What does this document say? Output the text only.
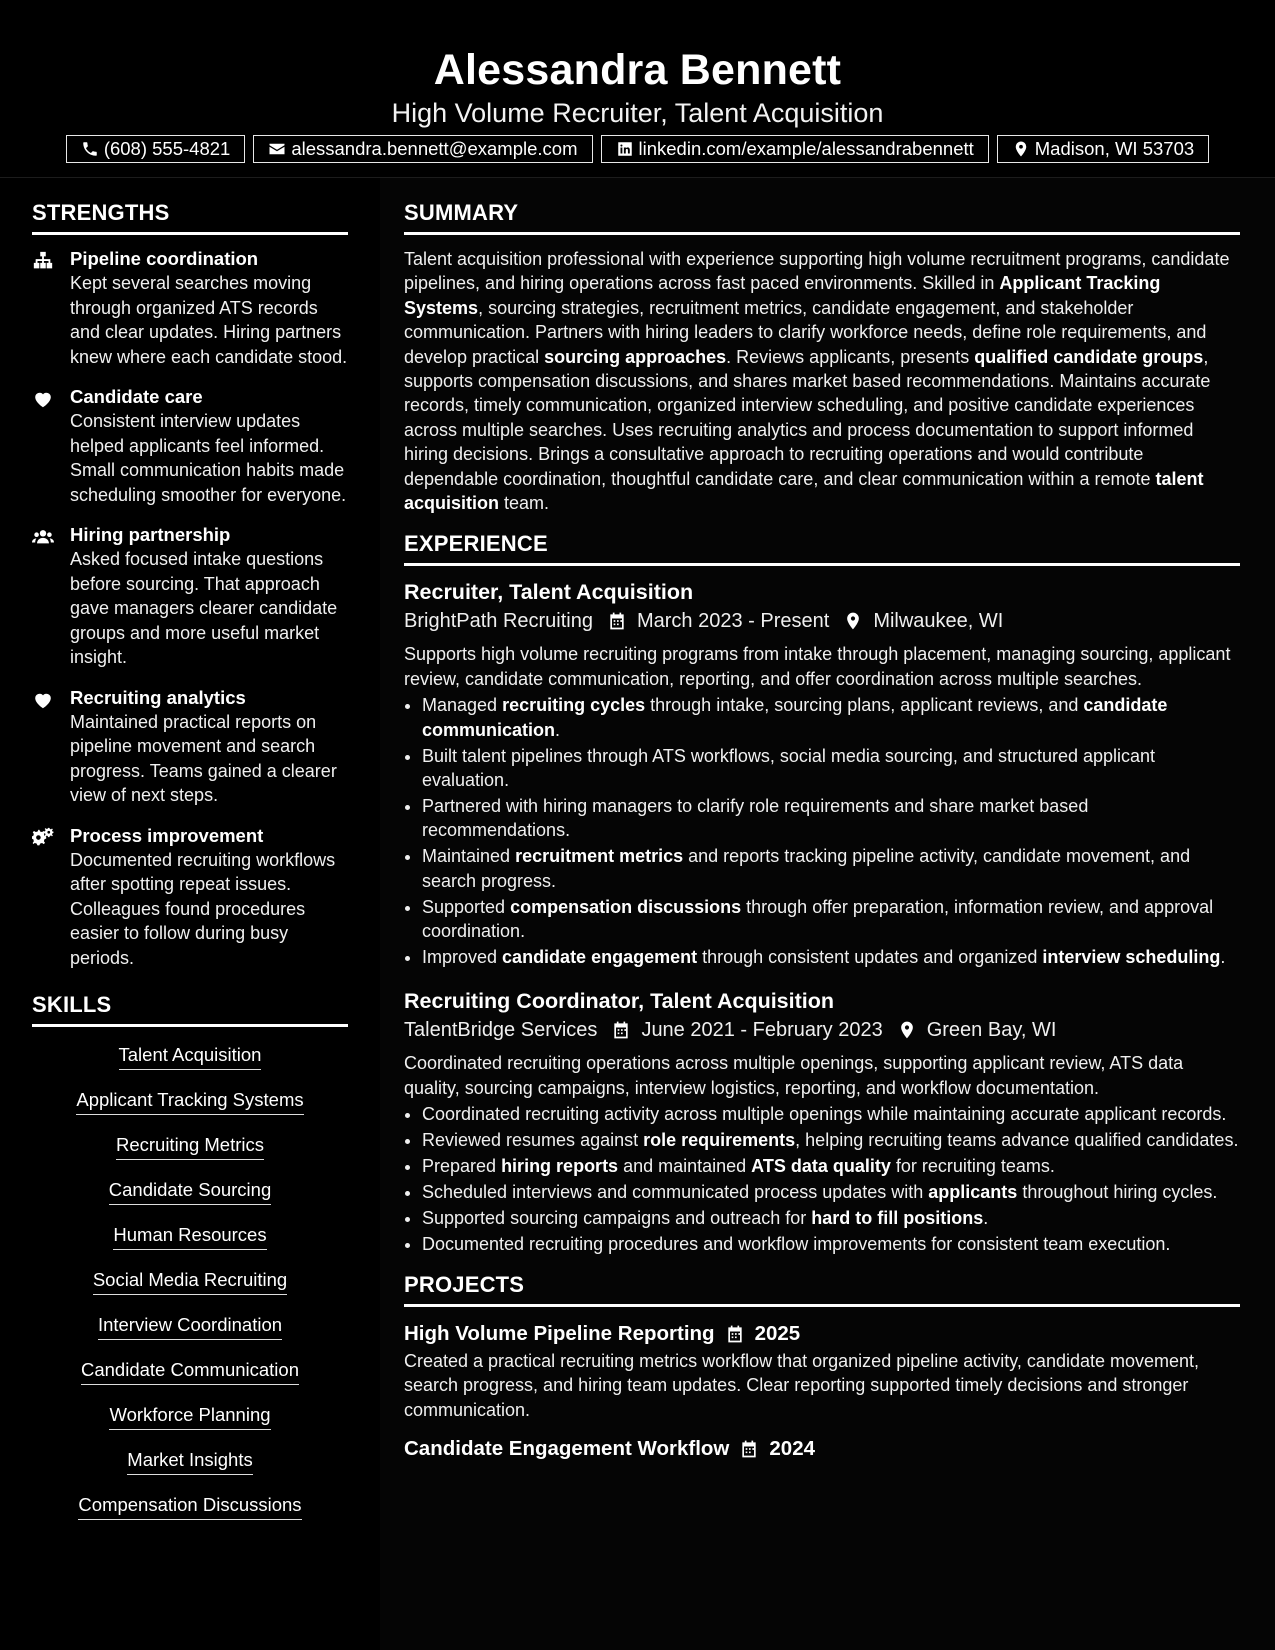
Alessandra Bennett
High Volume Recruiter, Talent Acquisition
(608) 555-4821	alessandra.bennett@example.com	linkedin.com/example/alessandrabennett	Madison, WI 53703
STRENGTHS
Pipeline coordination
Kept several searches moving through organized ATS records and clear updates. Hiring partners knew where each candidate stood.
Candidate care
Consistent interview updates helped applicants feel informed. Small communication habits made scheduling smoother for everyone.
Hiring partnership
Asked focused intake questions before sourcing. That approach gave managers clearer candidate groups and more useful market insight.
Recruiting analytics
Maintained practical reports on pipeline movement and search progress. Teams gained a clearer view of next steps.
Process improvement
Documented recruiting workflows after spotting repeat issues. Colleagues found procedures easier to follow during busy periods.
SKILLS
Talent Acquisition
Applicant Tracking Systems
Recruiting Metrics
Candidate Sourcing
Human Resources
Social Media Recruiting
Interview Coordination
Candidate Communication
Workforce Planning
Market Insights
Compensation Discussions
SUMMARY

Talent acquisition professional with experience supporting high volume recruitment programs, candidate pipelines, and hiring operations across fast paced environments. Skilled in Applicant Tracking Systems, sourcing strategies, recruitment metrics, candidate engagement, and stakeholder communication. Partners with hiring leaders to clarify workforce needs, define role requirements, and develop practical sourcing approaches. Reviews applicants, presents qualified candidate groups, supports compensation discussions, and shares market based recommendations. Maintains accurate records, timely communication, organized interview scheduling, and positive candidate experiences across multiple searches. Uses recruiting analytics and process documentation to support informed hiring decisions. Brings a consultative approach to recruiting operations and would contribute dependable coordination, thoughtful candidate care, and clear communication within a remote talent acquisition team.

EXPERIENCE
Recruiter, Talent Acquisition
BrightPath Recruiting March 2023 - Present Milwaukee, WI

Supports high volume recruiting programs from intake through placement, managing sourcing, applicant review, candidate communication, reporting, and offer coordination across multiple searches.

• Managed recruiting cycles through intake, sourcing plans, applicant reviews, and candidate communication.
• Built talent pipelines through ATS workflows, social media sourcing, and structured applicant evaluation.
• Partnered with hiring managers to clarify role requirements and share market based recommendations.
• Maintained recruitment metrics and reports tracking pipeline activity, candidate movement, and search progress.
• Supported compensation discussions through offer preparation, information review, and approval coordination.
• Improved candidate engagement through consistent updates and organized interview scheduling.
Recruiting Coordinator, Talent Acquisition
TalentBridge Services June 2021 - February 2023 Green Bay, WI

Coordinated recruiting operations across multiple openings, supporting applicant review, ATS data quality, sourcing campaigns, interview logistics, reporting, and workflow documentation.

• Coordinated recruiting activity across multiple openings while maintaining accurate applicant records.
• Reviewed resumes against role requirements, helping recruiting teams advance qualified candidates.
• Prepared hiring reports and maintained ATS data quality for recruiting teams.
• Scheduled interviews and communicated process updates with applicants throughout hiring cycles.
• Supported sourcing campaigns and outreach for hard to fill positions.
• Documented recruiting procedures and workflow improvements for consistent team execution.
PROJECTS
High Volume Pipeline Reporting 2025

Created a practical recruiting metrics workflow that organized pipeline activity, candidate movement, search progress, and hiring team updates. Clear reporting supported timely decisions and stronger communication.

Candidate Engagement Workflow 2024
